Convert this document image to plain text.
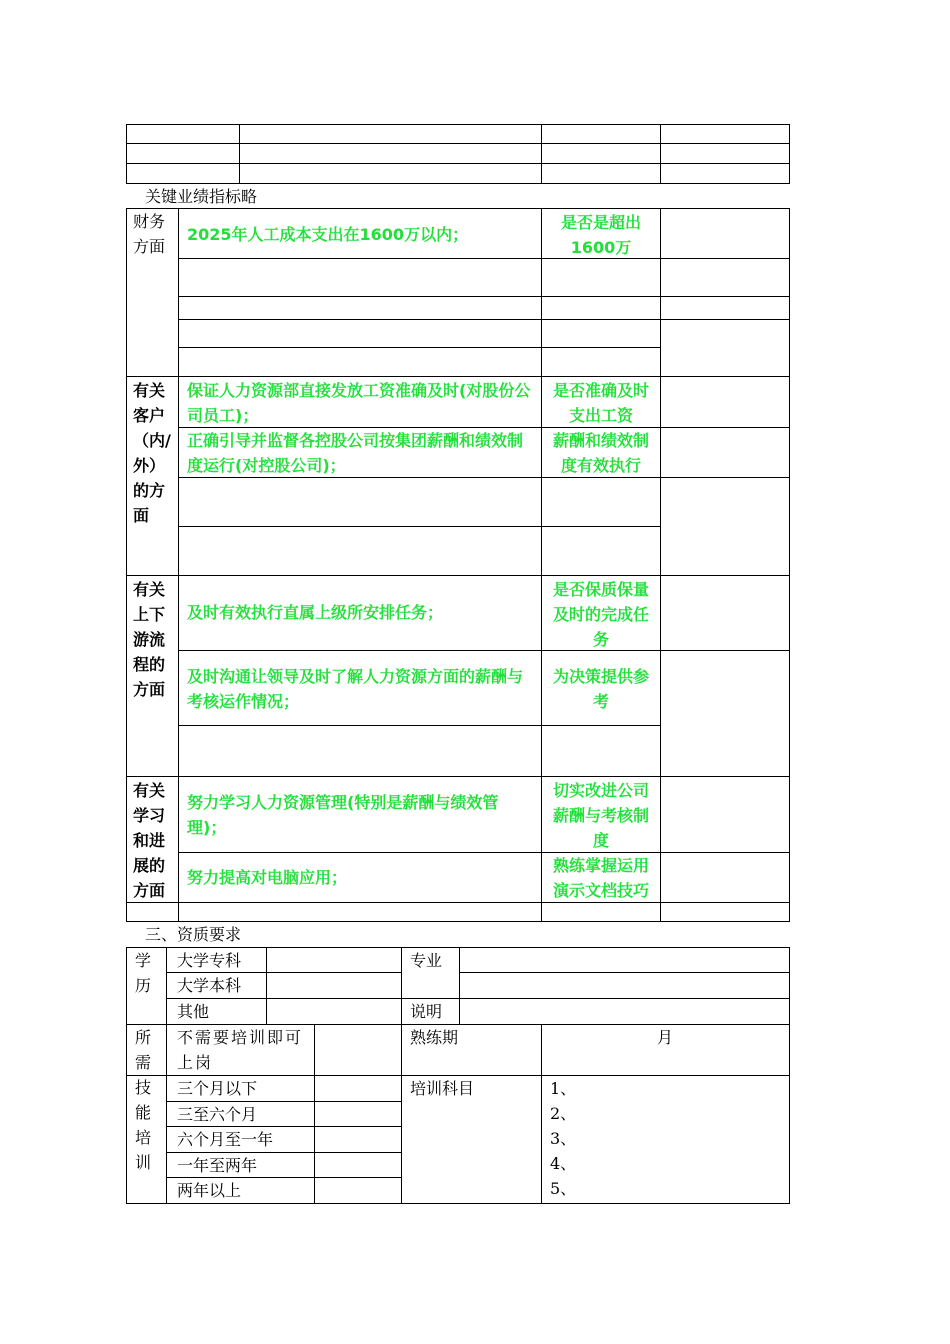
关键业绩指标略
财务方面
有关客户（内/外）的方面
有关上下游流程的方面
有关学习和进展的方面
2025年人工成本支出在1600万以内；
是否是超出1600万
保证人力资源部直接发放工资准确及时(对股份公司员工)；
是否准确及时支出工资
正确引导并监督各控股公司按集团薪酬和绩效制度运行(对控股公司)；
薪酬和绩效制度有效执行
及时有效执行直属上级所安排任务；
是否保质保量及时的完成任务
及时沟通让领导及时了解人力资源方面的薪酬与考核运作情况；
为决策提供参考
努力学习人力资源管理(特别是薪酬与绩效管理)；
切实改进公司薪酬与考核制度
努力提高对电脑应用；
熟练掌握运用演示文档技巧
三、资质要求
学历
大学专科
大学本科
其他
专业
说明
所需技能培训
不需要培训即可上岗
三个月以下
三至六个月
六个月至一年
一年至两年
两年以上
熟练期	月
培训科目	1、
2、
3、
4、
5、
